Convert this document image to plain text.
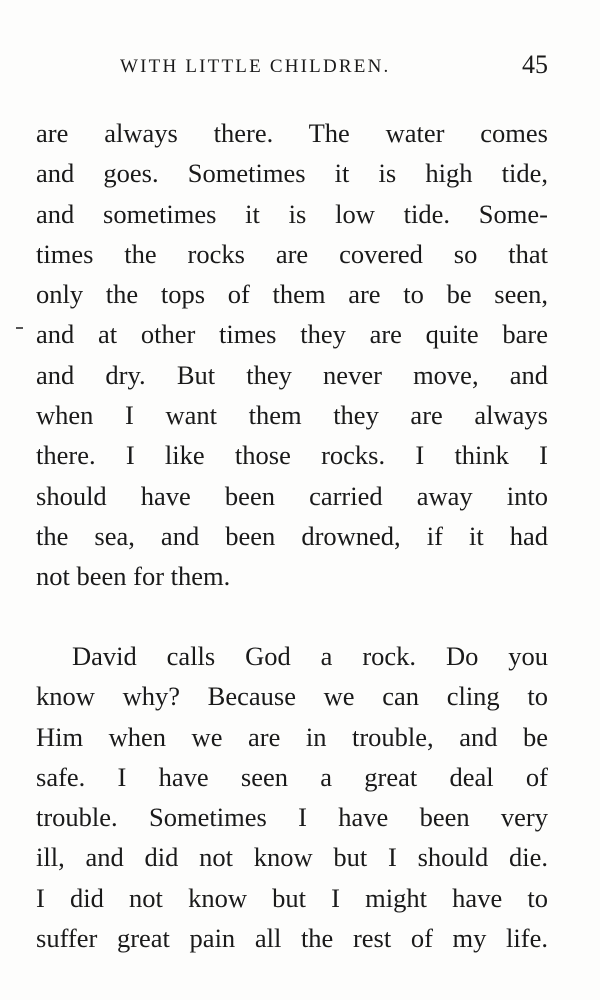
WITH LITTLE CHILDREN.	45
are always there. The water comes
and goes. Sometimes it is high tide,
and sometimes it is low tide. Some-
times the rocks are covered so that
only the tops of them are to be seen,
and at other times they are quite bare
and dry. But they never move, and
when I want them they are always
there. I like those rocks. I think I
should have been carried away into
the sea, and been drowned, if it had
not been for them.
David calls God a rock. Do you
know why? Because we can cling to
Him when we are in trouble, and be
safe. I have seen a great deal of
trouble. Sometimes I have been very
ill, and did not know but I should die.
I did not know but I might have to
suffer great pain all the rest of my life.
